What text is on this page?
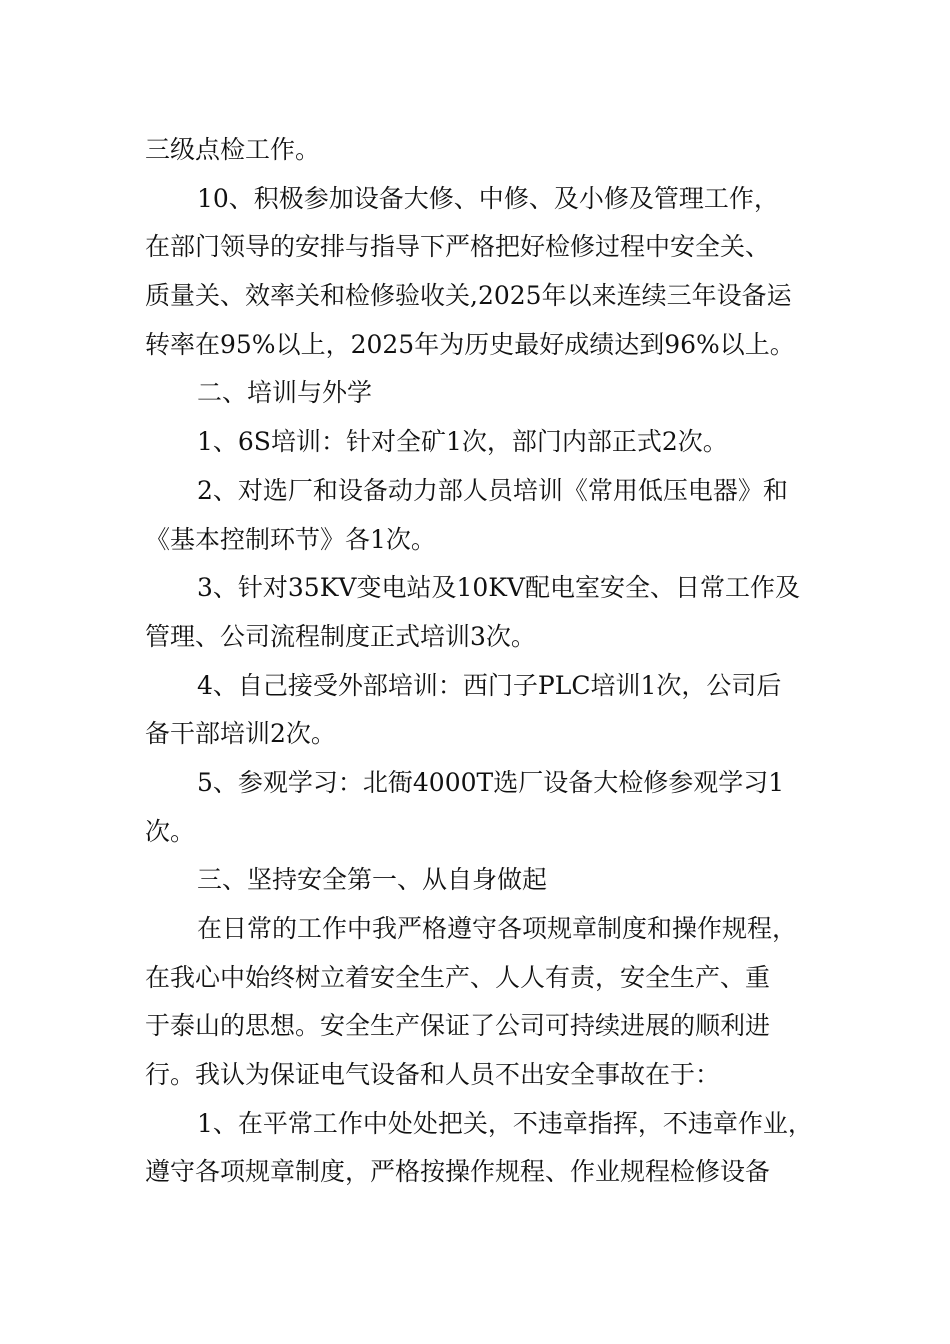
三级点检工作。

10、积极参加设备大修、中修、及小修及管理工作，
在部门领导的安排与指导下严格把好检修过程中安全关、
质量关、效率关和检修验收关,2025年以来连续三年设备运
转率在95%以上，2025年为历史最好成绩达到96%以上。

二、培训与外学

1、6S培训：针对全矿1次，部门内部正式2次。

2、对选厂和设备动力部人员培训《常用低压电器》和
《基本控制环节》各1次。

3、针对35KV变电站及10KV配电室安全、日常工作及
管理、公司流程制度正式培训3次。

4、自己接受外部培训：西门子PLC培训1次，公司后
备干部培训2次。

5、参观学习：北衙4000T选厂设备大检修参观学习1
次。

三、坚持安全第一、从自身做起

在日常的工作中我严格遵守各项规章制度和操作规程，
在我心中始终树立着安全生产、人人有责，安全生产、重
于泰山的思想。安全生产保证了公司可持续进展的顺利进
行。我认为保证电气设备和人员不出安全事故在于：

1、在平常工作中处处把关，不违章指挥，不违章作业，
遵守各项规章制度，严格按操作规程、作业规程检修设备
